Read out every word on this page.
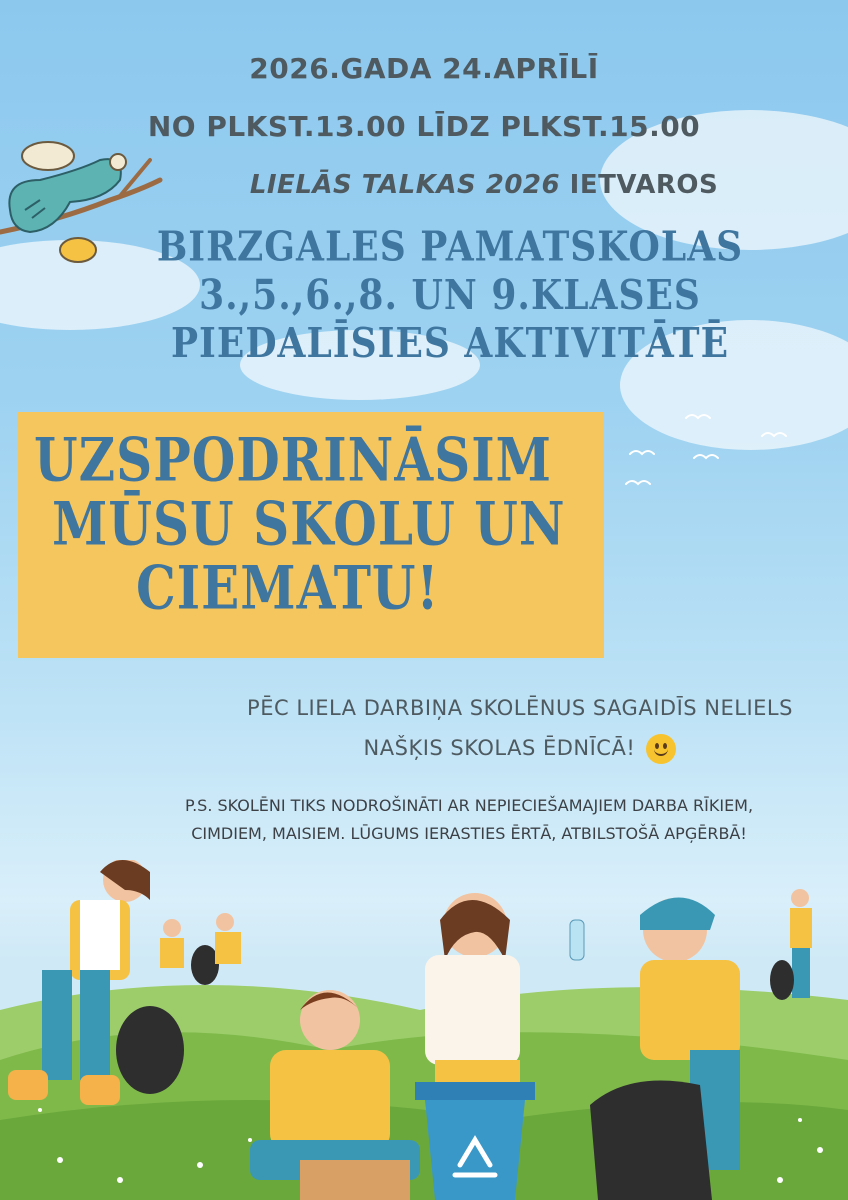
2026.GADA 24.APRĪLĪ
NO PLKST.13.00 LĪDZ PLKST.15.00
LIELĀS TALKAS 2026 IETVAROS
BIRZGALES PAMATSKOLAS
3.,5.,6.,8. UN 9.KLASES
PIEDALĪSIES AKTIVITĀTĒ
UZSPODRINĀSIM
MŪSU SKOLU UN
CIEMATU!
PĒC LIELA DARBIŅA SKOLĒNUS SAGAIDĪS NELIELS
NAŠĶIS SKOLAS ĒDNĪCĀ!
P.S. SKOLĒNI TIKS NODROŠINĀTI AR NEPIECIEŠAMAJIEM DARBA RĪKIEM,
CIMDIEM, MAISIEM. LŪGUMS IERASTIES ĒRTĀ, ATBILSTOŠĀ APĢĒRBĀ!
